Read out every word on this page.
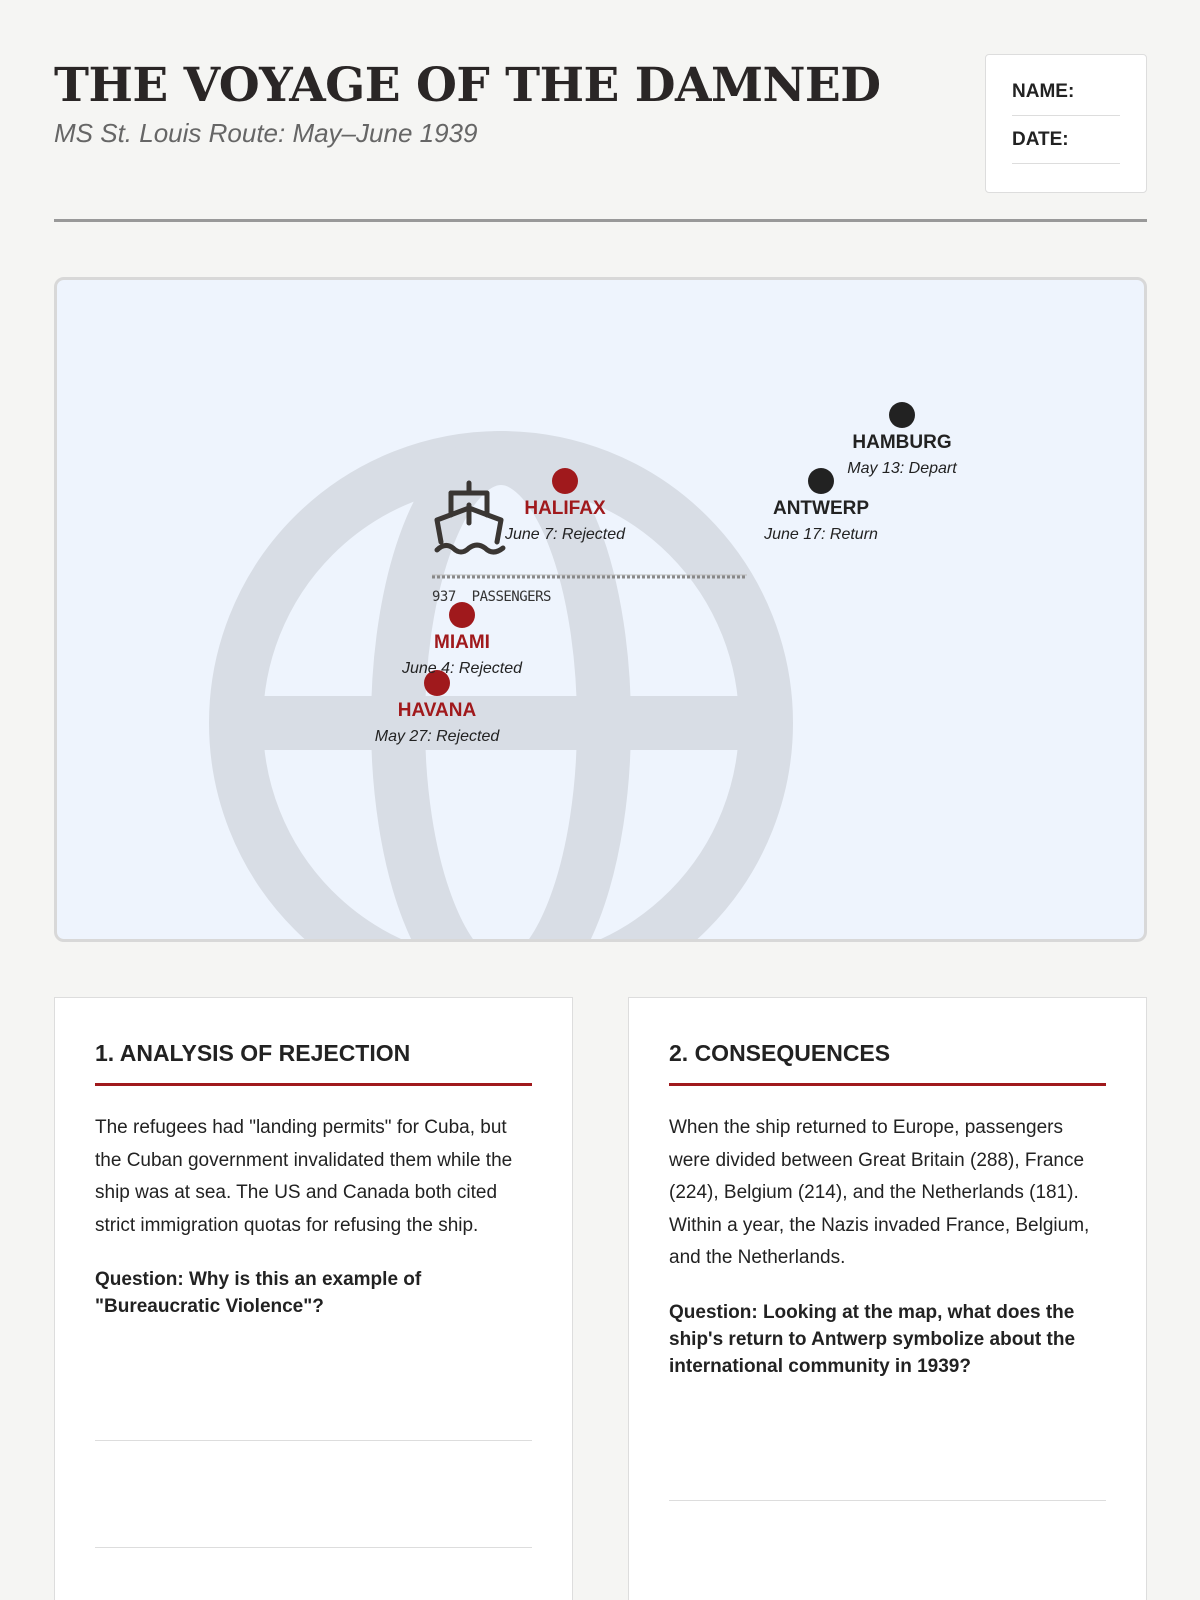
THE VOYAGE OF THE DAMNED
MS St. Louis Route: May–June 1939
NAME:
DATE:
HAMBURG
May 13: Depart
HALIFAX
June 7: Rejected
ANTWERP
June 17: Return
MIAMI
June 4: Rejected
HAVANA
May 27: Rejected
937 PASSENGERS
1. ANALYSIS OF REJECTION

The refugees had "landing permits" for Cuba, but the Cuban government invalidated them while the ship was at sea. The US and Canada both cited strict immigration quotas for refusing the ship.

Question: Why is this an example of "Bureaucratic Violence"?

2. CONSEQUENCES

When the ship returned to Europe, passengers were divided between Great Britain (288), France (224), Belgium (214), and the Netherlands (181). Within a year, the Nazis invaded France, Belgium, and the Netherlands.

Question: Looking at the map, what does the ship's return to Antwerp symbolize about the international community in 1939?
